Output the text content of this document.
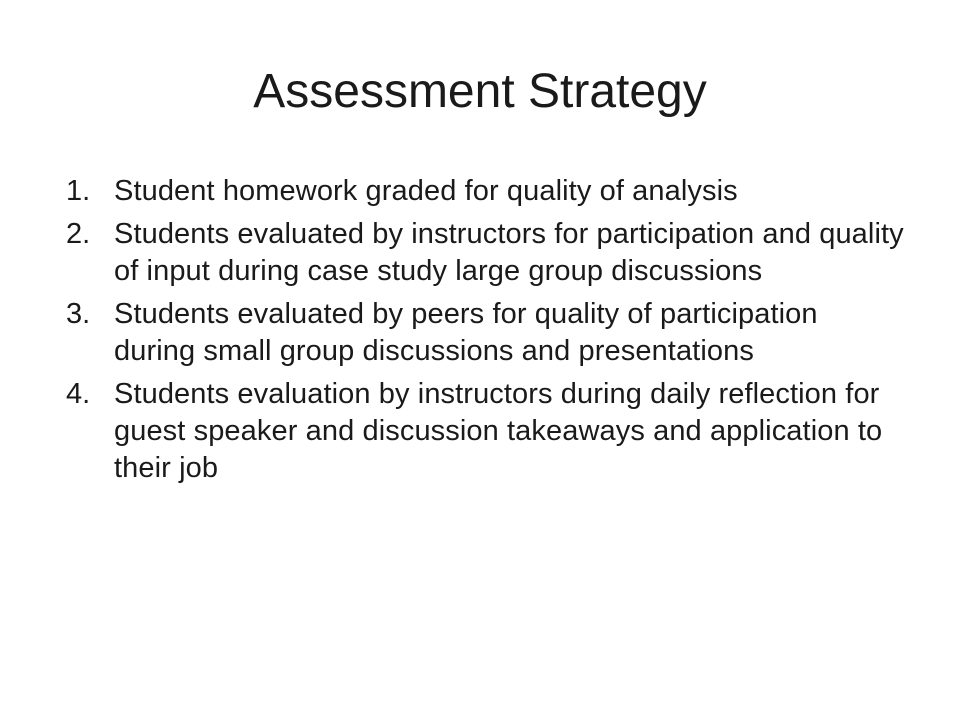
Assessment Strategy
1. Student homework graded for quality of analysis
2. Students evaluated by instructors for participation and quality of input during case study large group discussions
3. Students evaluated by peers for quality of participation during small group discussions and presentations
4. Students evaluation by instructors during daily reflection for guest speaker and discussion takeaways and application to their job
